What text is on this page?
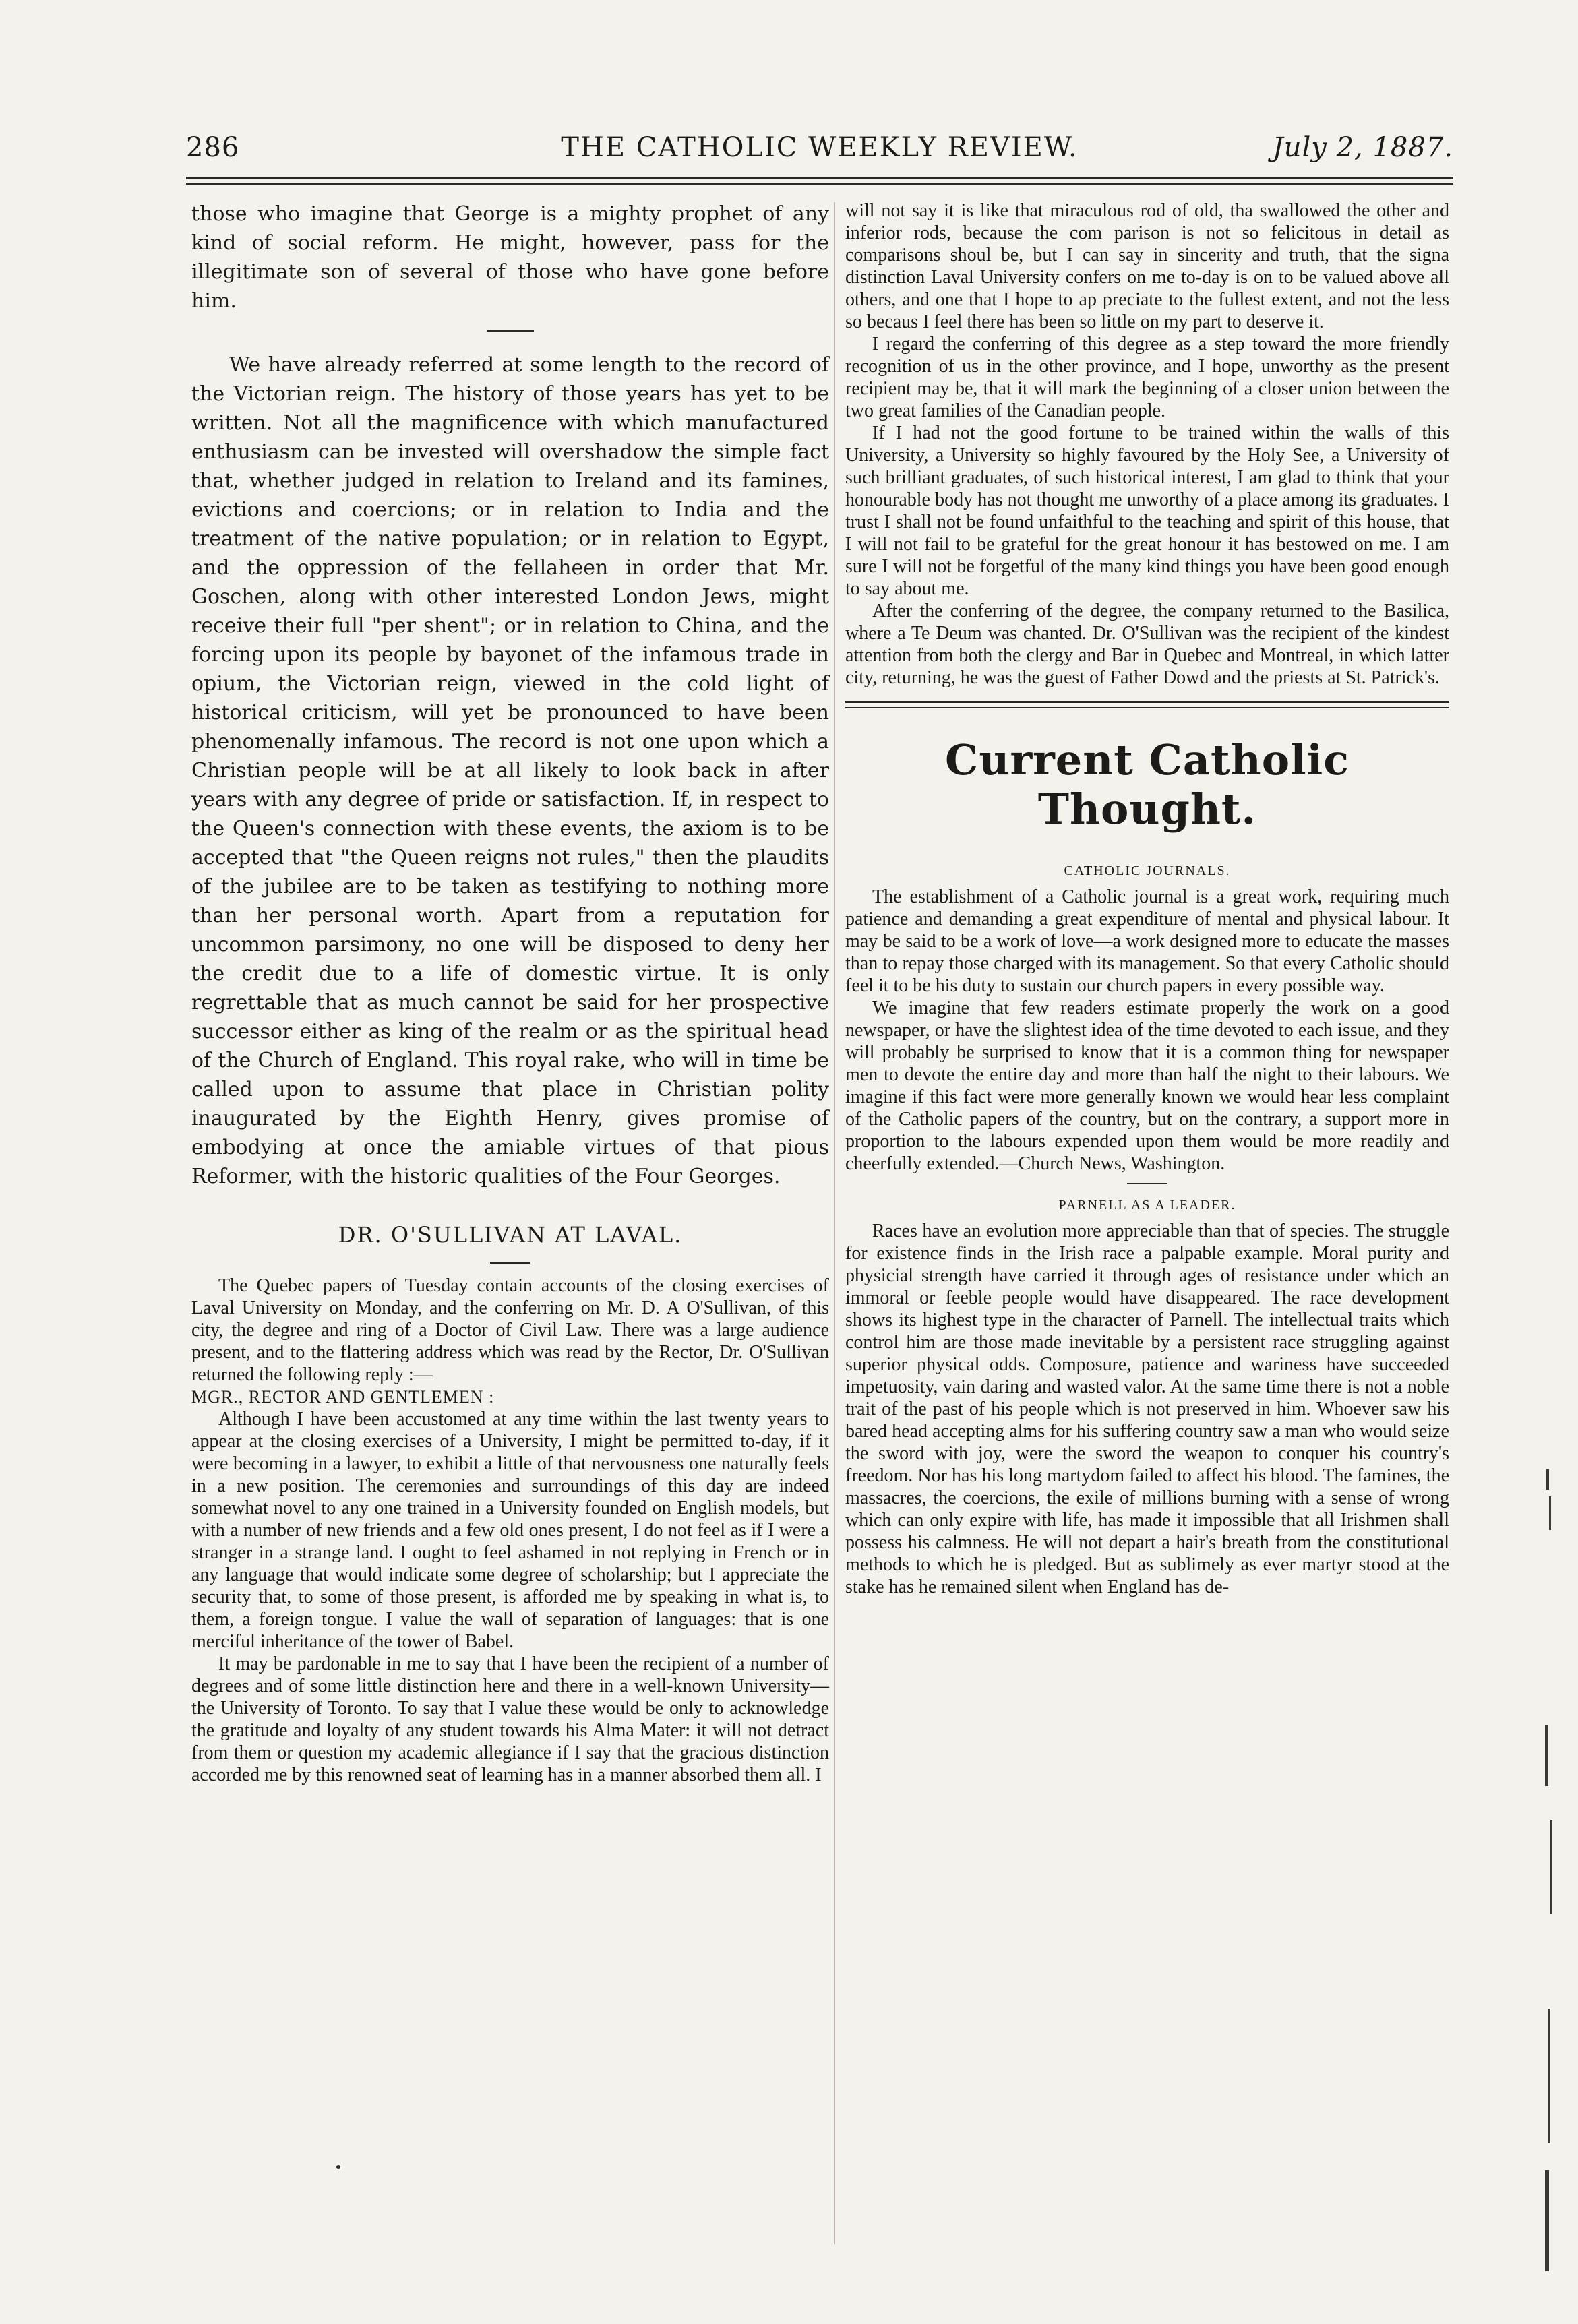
286	THE CATHOLIC WEEKLY REVIEW.	July 2, 1887.

those who imagine that George is a mighty prophet of any kind of social reform. He might, however, pass for the illegitimate son of several of those who have gone before him.

We have already referred at some length to the record of the Victorian reign. The history of those years has yet to be written. Not all the magnificence with which manufactured enthusiasm can be invested will overshadow the simple fact that, whether judged in relation to Ireland and its famines, evictions and coercions; or in relation to India and the treatment of the native population; or in relation to Egypt, and the oppression of the fellaheen in order that Mr. Goschen, along with other interested London Jews, might receive their full "per shent"; or in relation to China, and the forcing upon its people by bayonet of the infamous trade in opium, the Victorian reign, viewed in the cold light of historical criticism, will yet be pronounced to have been phenomenally infamous. The record is not one upon which a Christian people will be at all likely to look back in after years with any degree of pride or satisfaction. If, in respect to the Queen's connection with these events, the axiom is to be accepted that "the Queen reigns not rules," then the plaudits of the jubilee are to be taken as testifying to nothing more than her personal worth. Apart from a reputation for uncommon parsimony, no one will be disposed to deny her the credit due to a life of domestic virtue. It is only regrettable that as much cannot be said for her prospective successor either as king of the realm or as the spiritual head of the Church of England. This royal rake, who will in time be called upon to assume that place in Christian polity inaugurated by the Eighth Henry, gives promise of embodying at once the amiable virtues of that pious Reformer, with the historic qualities of the Four Georges.

DR. O'SULLIVAN AT LAVAL.

The Quebec papers of Tuesday contain accounts of the closing exercises of Laval University on Monday, and the conferring on Mr. D. A O'Sullivan, of this city, the degree and ring of a Doctor of Civil Law. There was a large audience present, and to the flattering address which was read by the Rector, Dr. O'Sullivan returned the following reply :—

MGR., RECTOR AND GENTLEMEN :

Although I have been accustomed at any time within the last twenty years to appear at the closing exercises of a University, I might be permitted to-day, if it were becoming in a lawyer, to exhibit a little of that nervousness one naturally feels in a new position. The ceremonies and surroundings of this day are indeed somewhat novel to any one trained in a University founded on English models, but with a number of new friends and a few old ones present, I do not feel as if I were a stranger in a strange land. I ought to feel ashamed in not replying in French or in any language that would indicate some degree of scholarship; but I appreciate the security that, to some of those present, is afforded me by speaking in what is, to them, a foreign tongue. I value the wall of separation of languages: that is one merciful inheritance of the tower of Babel.

It may be pardonable in me to say that I have been the recipient of a number of degrees and of some little distinction here and there in a well-known University—the University of Toronto. To say that I value these would be only to acknowledge the gratitude and loyalty of any student towards his Alma Mater: it will not detract from them or question my academic allegiance if I say that the gracious distinction accorded me by this renowned seat of learning has in a manner absorbed them all. I

will not say it is like that miraculous rod of old, tha swallowed the other and inferior rods, because the com parison is not so felicitous in detail as comparisons shoul be, but I can say in sincerity and truth, that the signa distinction Laval University confers on me to-day is on to be valued above all others, and one that I hope to ap preciate to the fullest extent, and not the less so becaus I feel there has been so little on my part to deserve it.

I regard the conferring of this degree as a step toward the more friendly recognition of us in the other province, and I hope, unworthy as the present recipient may be, that it will mark the beginning of a closer union between the two great families of the Canadian people.

If I had not the good fortune to be trained within the walls of this University, a University so highly favoured by the Holy See, a University of such brilliant graduates, of such historical interest, I am glad to think that your honourable body has not thought me unworthy of a place among its graduates. I trust I shall not be found unfaithful to the teaching and spirit of this house, that I will not fail to be grateful for the great honour it has bestowed on me. I am sure I will not be forgetful of the many kind things you have been good enough to say about me.

After the conferring of the degree, the company returned to the Basilica, where a Te Deum was chanted. Dr. O'Sullivan was the recipient of the kindest attention from both the clergy and Bar in Quebec and Montreal, in which latter city, returning, he was the guest of Father Dowd and the priests at St. Patrick's.

Current Catholic Thought.
CATHOLIC JOURNALS.

The establishment of a Catholic journal is a great work, requiring much patience and demanding a great expenditure of mental and physical labour. It may be said to be a work of love—a work designed more to educate the masses than to repay those charged with its management. So that every Catholic should feel it to be his duty to sustain our church papers in every possible way.

We imagine that few readers estimate properly the work on a good newspaper, or have the slightest idea of the time devoted to each issue, and they will probably be surprised to know that it is a common thing for newspaper men to devote the entire day and more than half the night to their labours. We imagine if this fact were more generally known we would hear less complaint of the Catholic papers of the country, but on the contrary, a support more in proportion to the labours expended upon them would be more readily and cheerfully extended.—Church News, Washington.

PARNELL AS A LEADER.

Races have an evolution more appreciable than that of species. The struggle for existence finds in the Irish race a palpable example. Moral purity and physicial strength have carried it through ages of resistance under which an immoral or feeble people would have disappeared. The race development shows its highest type in the character of Parnell. The intellectual traits which control him are those made inevitable by a persistent race struggling against superior physical odds. Composure, patience and wariness have succeeded impetuosity, vain daring and wasted valor. At the same time there is not a noble trait of the past of his people which is not preserved in him. Whoever saw his bared head accepting alms for his suffering country saw a man who would seize the sword with joy, were the sword the weapon to conquer his country's freedom. Nor has his long martydom failed to affect his blood. The famines, the massacres, the coercions, the exile of millions burning with a sense of wrong which can only expire with life, has made it impossible that all Irishmen shall possess his calmness. He will not depart a hair's breath from the constitutional methods to which he is pledged. But as sublimely as ever martyr stood at the stake has he remained silent when England has de-
